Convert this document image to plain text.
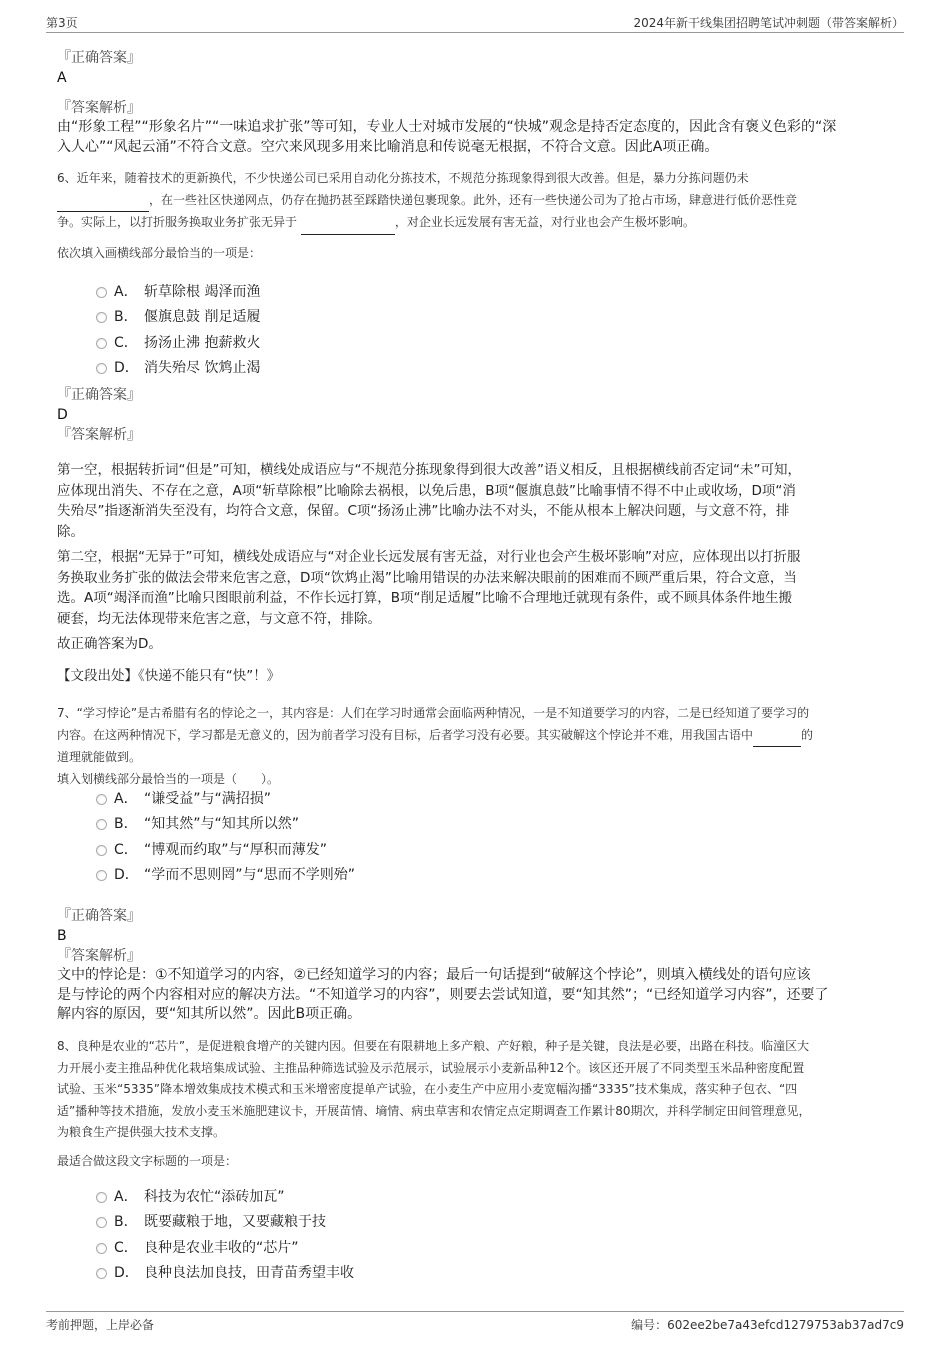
第3页	2024年新干线集团招聘笔试冲刺题（带答案解析）
『正确答案』
A
『答案解析』
由“形象工程”“形象名片”“一味追求扩张”等可知，专业人士对城市发展的“快城”观念是持否定态度的，因此含有褒义色彩的“深
入人心”“风起云涌”不符合文意。空穴来风现多用来比喻消息和传说毫无根据，不符合文意。因此A项正确。
6、近年来，随着技术的更新换代，不少快递公司已采用自动化分拣技术，不规范分拣现象得到很大改善。但是，暴力分拣问题仍未
，在一些社区快递网点，仍存在抛扔甚至踩踏快递包裹现象。此外，还有一些快递公司为了抢占市场，肆意进行低价恶性竞
争。实际上，以打折服务换取业务扩张无异于	，对企业长远发展有害无益，对行业也会产生极坏影响。
依次填入画横线部分最恰当的一项是：
A． 斩草除根 竭泽而渔
B． 偃旗息鼓 削足适履
C． 扬汤止沸 抱薪救火
D． 消失殆尽 饮鸩止渴
『正确答案』
D
『答案解析』
第一空，根据转折词“但是”可知，横线处成语应与“不规范分拣现象得到很大改善”语义相反，且根据横线前否定词“未”可知，
应体现出消失、不存在之意，A项“斩草除根”比喻除去祸根，以免后患，B项“偃旗息鼓”比喻事情不得不中止或收场，D项“消
失殆尽”指逐渐消失至没有，均符合文意，保留。C项“扬汤止沸”比喻办法不对头，不能从根本上解决问题，与文意不符，排
除。
第二空，根据“无异于”可知，横线处成语应与“对企业长远发展有害无益，对行业也会产生极坏影响”对应，应体现出以打折服
务换取业务扩张的做法会带来危害之意，D项“饮鸩止渴”比喻用错误的办法来解决眼前的困难而不顾严重后果，符合文意，当
选。A项“竭泽而渔”比喻只图眼前利益，不作长远打算，B项“削足适履”比喻不合理地迁就现有条件，或不顾具体条件地生搬
硬套，均无法体现带来危害之意，与文意不符，排除。
故正确答案为D。
【文段出处】《快递不能只有“快”！》
7、“学习悖论”是古希腊有名的悖论之一，其内容是：人们在学习时通常会面临两种情况，一是不知道要学习的内容，二是已经知道了要学习的
内容。在这两种情况下，学习都是无意义的，因为前者学习没有目标，后者学习没有必要。其实破解这个悖论并不难，用我国古语中	的
道理就能做到。
填入划横线部分最恰当的一项是（　　）。
A． “谦受益”与“满招损”
B． “知其然”与“知其所以然”
C． “博观而约取”与“厚积而薄发”
D． “学而不思则罔”与“思而不学则殆”
『正确答案』
B
『答案解析』
文中的悖论是：①不知道学习的内容，②已经知道学习的内容；最后一句话提到“破解这个悖论”，则填入横线处的语句应该
是与悖论的两个内容相对应的解决方法。“不知道学习的内容”，则要去尝试知道，要“知其然”；“已经知道学习内容”，还要了
解内容的原因，要“知其所以然”。因此B项正确。
8、良种是农业的“芯片”，是促进粮食增产的关键内因。但要在有限耕地上多产粮、产好粮，种子是关键，良法是必要，出路在科技。临潼区大
力开展小麦主推品种优化栽培集成试验、主推品种筛选试验及示范展示，试验展示小麦新品种12个。该区还开展了不同类型玉米品种密度配置
试验、玉米“5335”降本增效集成技术模式和玉米增密度提单产试验，在小麦生产中应用小麦宽幅沟播“3335”技术集成，落实种子包衣、“四
适”播种等技术措施，发放小麦玉米施肥建议卡，开展苗情、墒情、病虫草害和农情定点定期调查工作累计80期次，并科学制定田间管理意见，
为粮食生产提供强大技术支撑。
最适合做这段文字标题的一项是：
A． 科技为农忙“添砖加瓦”
B． 既要藏粮于地，又要藏粮于技
C． 良种是农业丰收的“芯片”
D． 良种良法加良技，田青苗秀望丰收
考前押题，上岸必备	编号：602ee2be7a43efcd1279753ab37ad7c9
